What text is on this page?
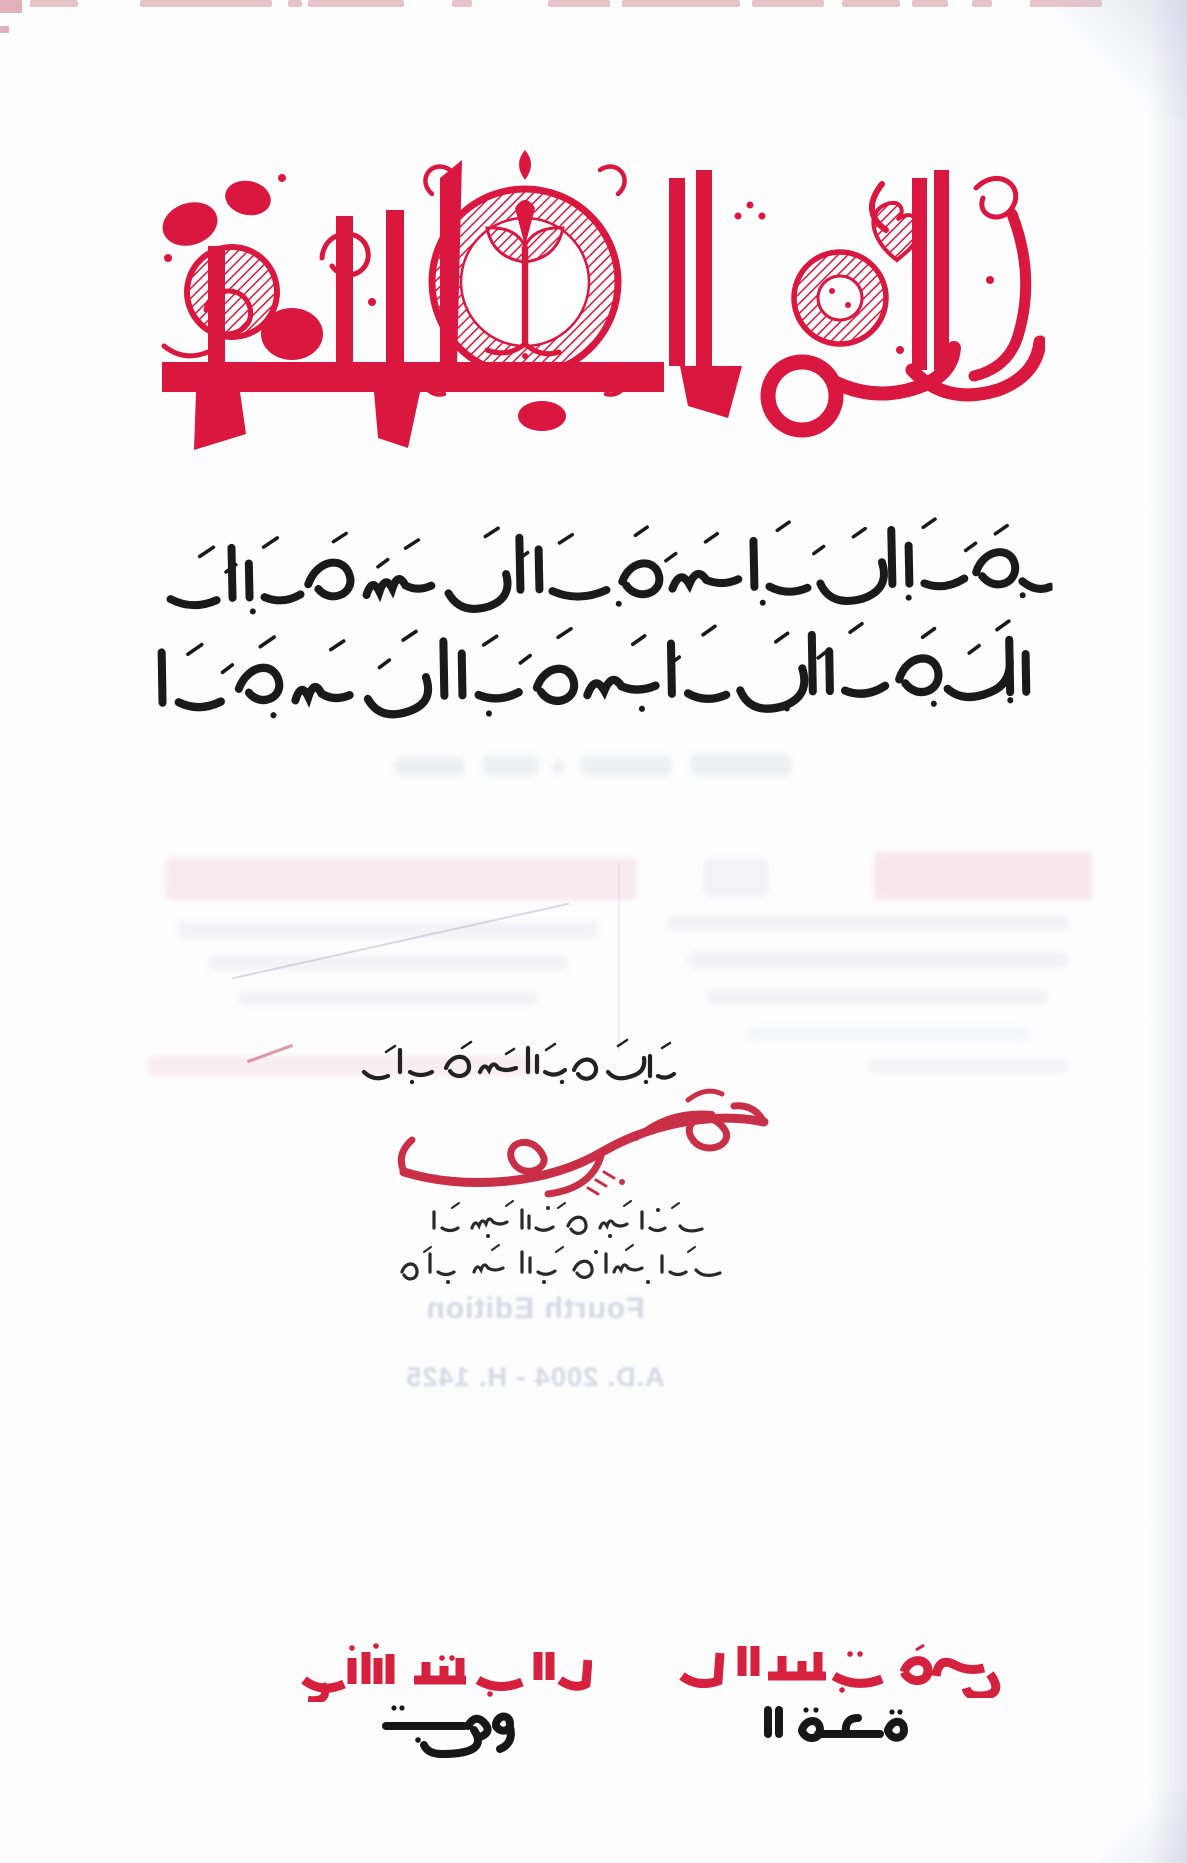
Fourth Edition
A.D. 2004 - H. 1425
